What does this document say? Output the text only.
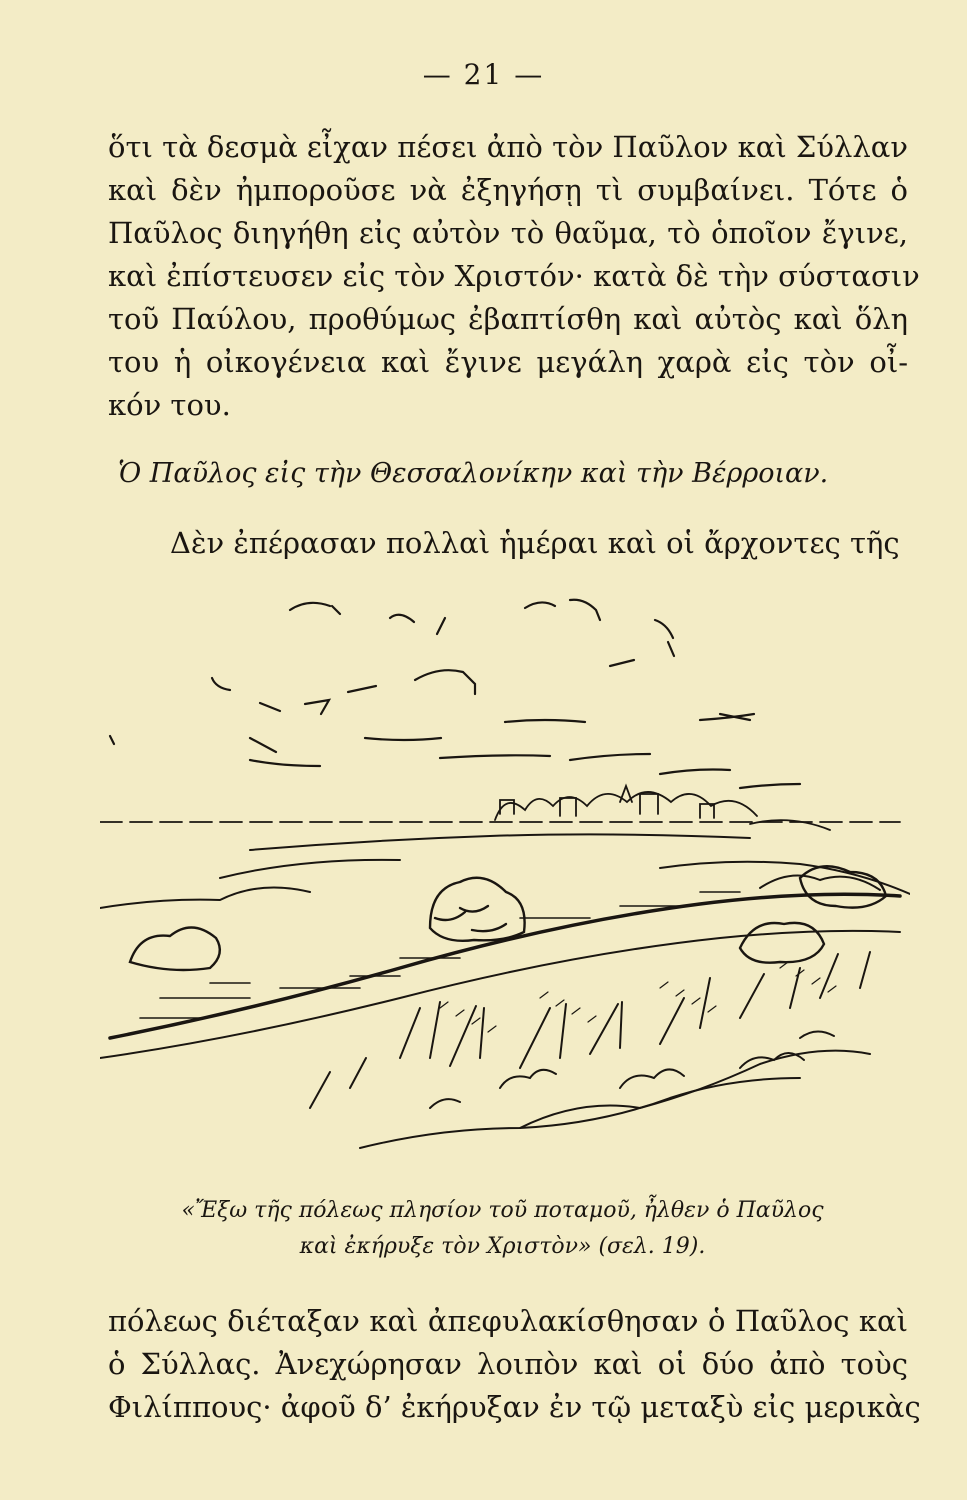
— 21 —
ὅτι τὰ δεσμὰ εἶχαν πέσει ἀπὸ τὸν Παῦλον καὶ Σύλλαν
καὶ δὲν ἠμποροῦσε νὰ ἐξηγήσῃ τὶ συμβαίνει. Τότε ὁ
Παῦλος διηγήθη εἰς αὐτὸν τὸ θαῦμα, τὸ ὁποῖον ἔγινε,
καὶ ἐπίστευσεν εἰς τὸν Χριστόν· κατὰ δὲ τὴν σύστασιν
τοῦ Παύλου, προθύμως ἐβαπτίσθη καὶ αὐτὸς καὶ ὅλη
του ἡ οἰκογένεια καὶ ἔγινε μεγάλη χαρὰ εἰς τὸν οἶ-
κόν του.
Ὁ Παῦλος εἰς τὴν Θεσσαλονίκην καὶ τὴν Βέρροιαν.
Δὲν ἐπέρασαν πολλαὶ ἡμέραι καὶ οἱ ἄρχοντες τῆς
«Ἔξω τῆς πόλεως πλησίον τοῦ ποταμοῦ, ἦλθεν ὁ Παῦλος
καὶ ἐκήρυξε τὸν Χριστὸν» (σελ. 19).
πόλεως διέταξαν καὶ ἀπεφυλακίσθησαν ὁ Παῦλος καὶ
ὁ Σύλλας. Ἀνεχώρησαν λοιπὸν καὶ οἱ δύο ἀπὸ τοὺς
Φιλίππους· ἀφοῦ δ’ ἐκήρυξαν ἐν τῷ μεταξὺ εἰς μερικὰς
